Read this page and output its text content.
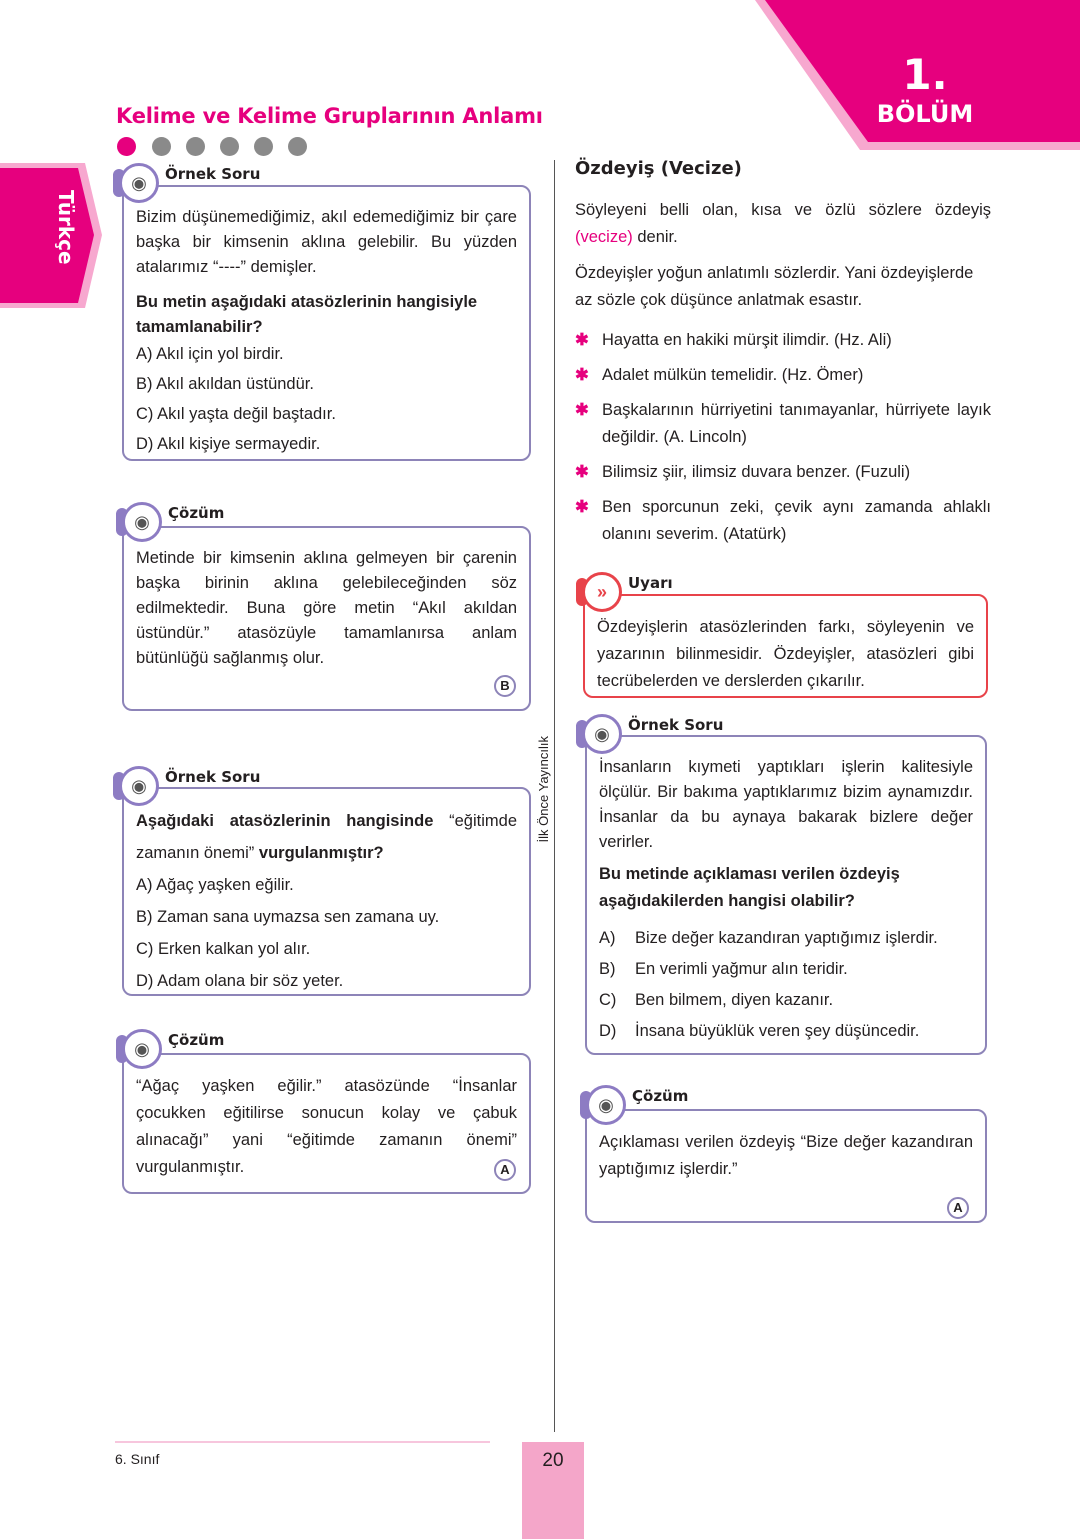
1.
BÖLÜM
Türkçe
Kelime ve Kelime Gruplarının Anlamı

Bizim düşünemediğimiz, akıl edemediğimiz bir çare başka bir kimsenin aklına gelebilir. Bu yüzden atalarımız “----” demişler.

Bu metin aşağıdaki atasözlerinin hangisiyle tamamlanabilir?

A) Akıl için yol birdir.
B) Akıl akıldan üstündür.
C) Akıl yaşta değil baştadır.
D) Akıl kişiye sermayedir.
◉	Örnek Soru

Metinde bir kimsenin aklına gelmeyen bir çarenin başka birinin aklına gelebileceğinden söz edilmektedir. Buna göre metin “Akıl akıldan üstündür.” atasözüyle tamamlanırsa anlam bütünlüğü sağlanmış olur.

B
◉	Çözüm

Aşağıdaki atasözlerinin hangisinde “eğitimde zamanın önemi” vurgulanmıştır?

A) Ağaç yaşken eğilir.
B) Zaman sana uymazsa sen zamana uy.
C) Erken kalkan yol alır.
D) Adam olana bir söz yeter.
◉	Örnek Soru

“Ağaç yaşken eğilir.” atasözünde “İnsanlar çocukken eğitilirse sonucun kolay ve çabuk alınacağı” yani “eğitimde zamanın önemi” vurgulanmıştır.	A
◉	Çözüm
İlk Önce Yayıncılık
Özdeyiş (Vecize)
Söyleyeni belli olan, kısa ve özlü sözlere özdeyiş (vecize) denir.
Özdeyişler yoğun anlatımlı sözlerdir. Yani özdeyişlerde az sözle çok düşünce anlatmak esastır.
✱ Hayatta en hakiki mürşit ilimdir. (Hz. Ali)
✱ Adalet mülkün temelidir. (Hz. Ömer)
✱ Başkalarının hürriyetini tanımayanlar, hürriyete layık değildir. (A. Lincoln)
✱ Bilimsiz şiir, ilimsiz duvara benzer. (Fuzuli)
✱ Ben sporcunun zeki, çevik aynı zamanda ahlaklı olanını severim. (Atatürk)

Özdeyişlerin atasözlerinden farkı, söyleyenin ve yazarının bilinmesidir. Özdeyişler, atasözleri gibi tecrübelerden ve derslerden çıkarılır.

»	Uyarı

İnsanların kıymeti yaptıkları işlerin kalitesiyle ölçülür. Bir bakıma yaptıklarımız bizim aynamızdır. İnsanlar da bu aynaya bakarak bizlere değer verirler.

Bu metinde açıklaması verilen özdeyiş aşağıdakilerden hangisi olabilir?

A)	Bize değer kazandıran yaptığımız işlerdir.
B)	En verimli yağmur alın teridir.
C)	Ben bilmem, diyen kazanır.
D)	İnsana büyüklük veren şey düşüncedir.
◉	Örnek Soru

Açıklaması verilen özdeyiş “Bize değer kazandıran yaptığımız işlerdir.”

A
◉	Çözüm
6. Sınıf	20
